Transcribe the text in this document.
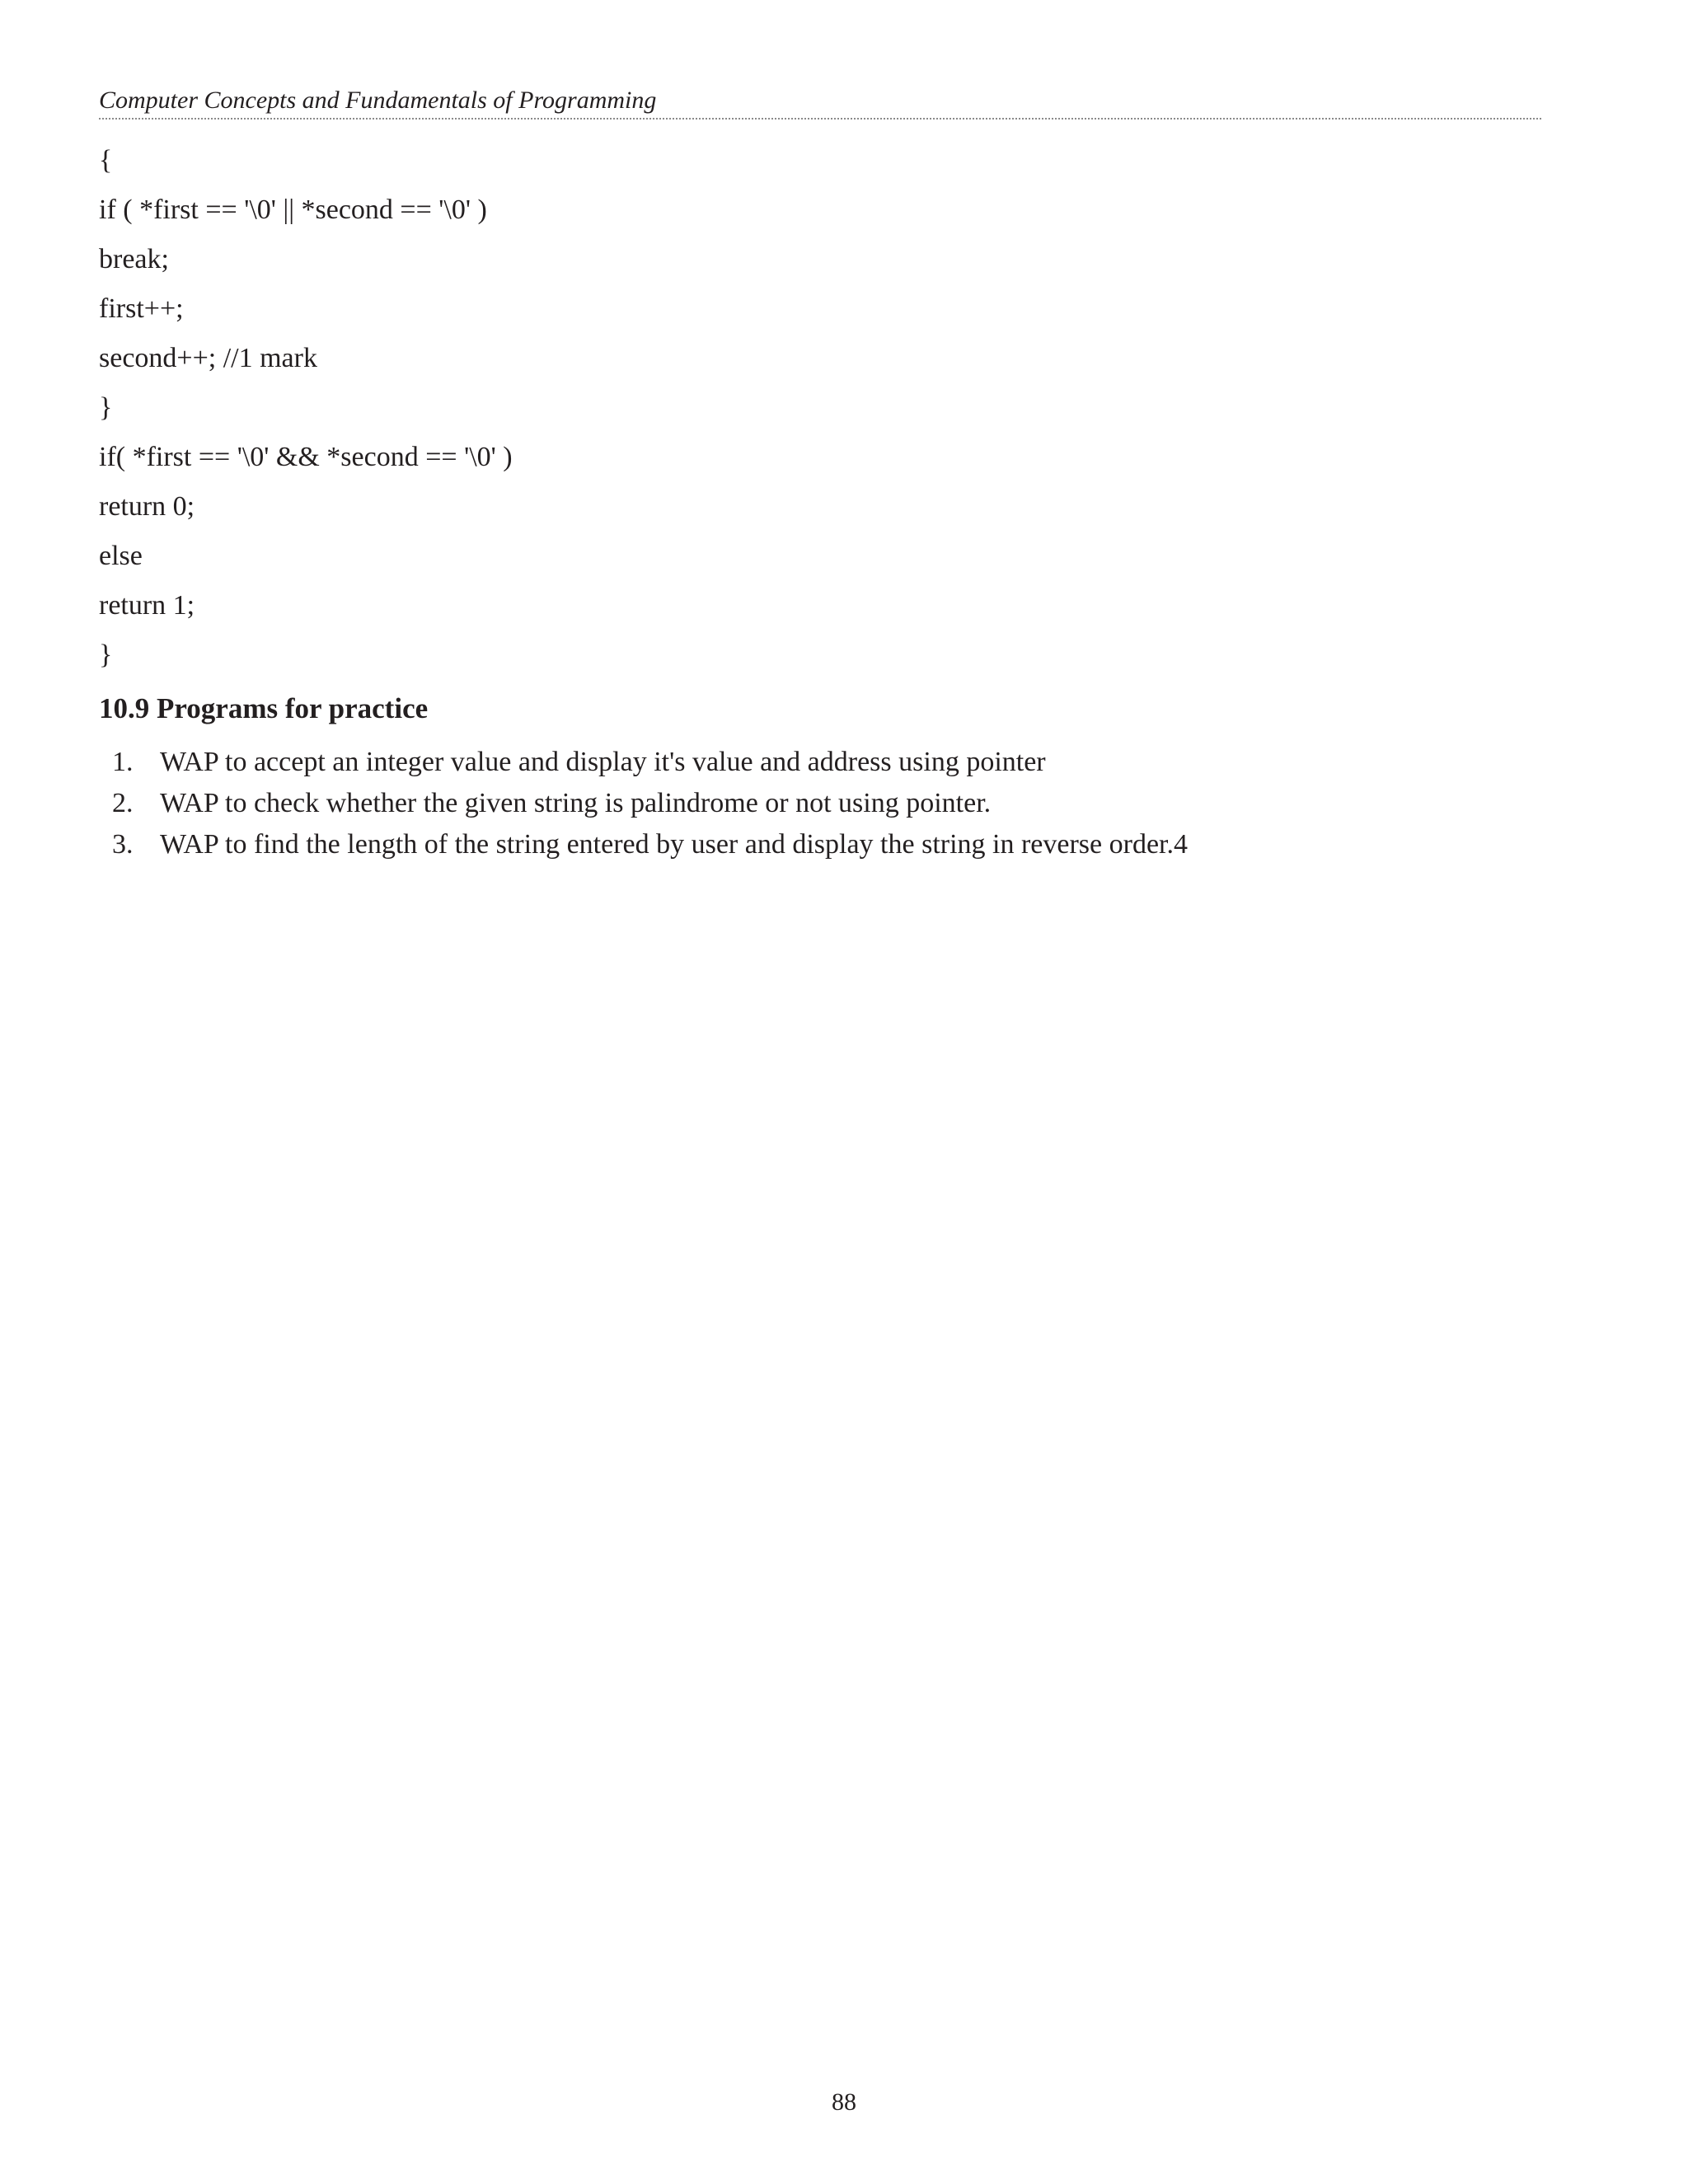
Computer Concepts and Fundamentals of Programming
{
if ( *first == '\0' || *second == '\0' )
break;
first++;
second++; //1 mark
}
if( *first == '\0' && *second == '\0' )
return 0;
else
return 1;
}
10.9 Programs for practice
1. WAP to accept an integer value and display it's value and address using pointer
2. WAP to check whether the given string is palindrome or not using pointer.
3. WAP to find the length of the string entered by user and display the string in reverse order.4
88
